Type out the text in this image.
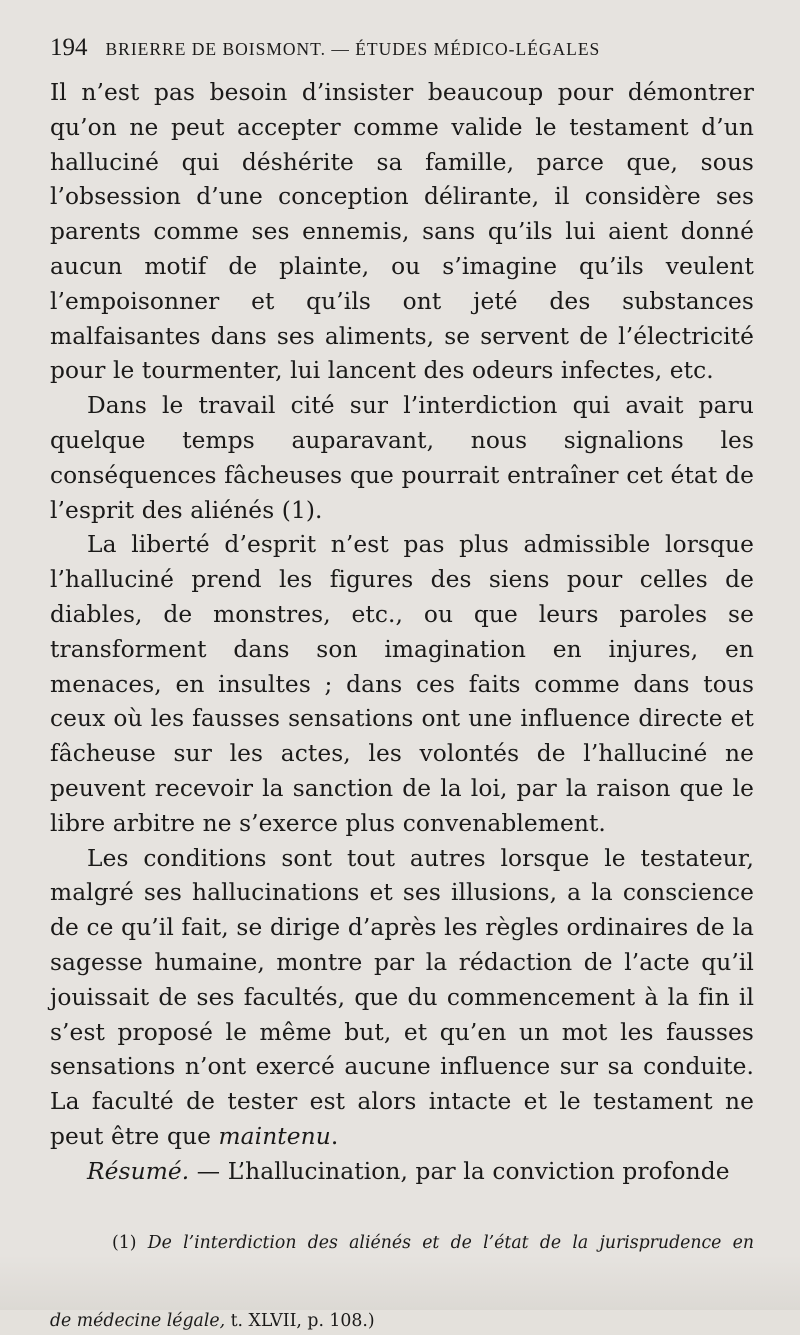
194 BRIERRE DE BOISMONT. — ÉTUDES MÉDICO-LÉGALES

Il n’est pas besoin d’insister beaucoup pour démontrer qu’on ne peut accepter comme valide le testament d’un halluciné qui déshérite sa famille, parce que, sous l’obsession d’une conception délirante, il considère ses parents comme ses ennemis, sans qu’ils lui aient donné aucun motif de plainte, ou s’imagine qu’ils veulent l’empoisonner et qu’ils ont jeté des substances malfaisantes dans ses aliments, se servent de l’électricité pour le tourmenter, lui lancent des odeurs infectes, etc.

Dans le travail cité sur l’interdiction qui avait paru quelque temps auparavant, nous signalions les conséquences fâcheuses que pourrait entraîner cet état de l’esprit des aliénés (1).

La liberté d’esprit n’est pas plus admissible lorsque l’halluciné prend les figures des siens pour celles de diables, de monstres, etc., ou que leurs paroles se transforment dans son imagination en injures, en menaces, en insultes ; dans ces faits comme dans tous ceux où les fausses sensations ont une influence directe et fâcheuse sur les actes, les volontés de l’halluciné ne peuvent recevoir la sanction de la loi, par la raison que le libre arbitre ne s’exerce plus convenablement.

Les conditions sont tout autres lorsque le testateur, malgré ses hallucinations et ses illusions, a la conscience de ce qu’il fait, se dirige d’après les règles ordinaires de la sagesse humaine, montre par la rédaction de l’acte qu’il jouissait de ses facultés, que du commencement à la fin il s’est proposé le même but, et qu’en un mot les fausses sensations n’ont exercé aucune influence sur sa conduite. La faculté de tester est alors intacte et le testament ne peut être que maintenu.

Résumé. — L’hallucination, par la conviction profonde

(1) De l’interdiction des aliénés et de l’état de la jurisprudence en de médecine légale, t. XLVII, p. 108.)
